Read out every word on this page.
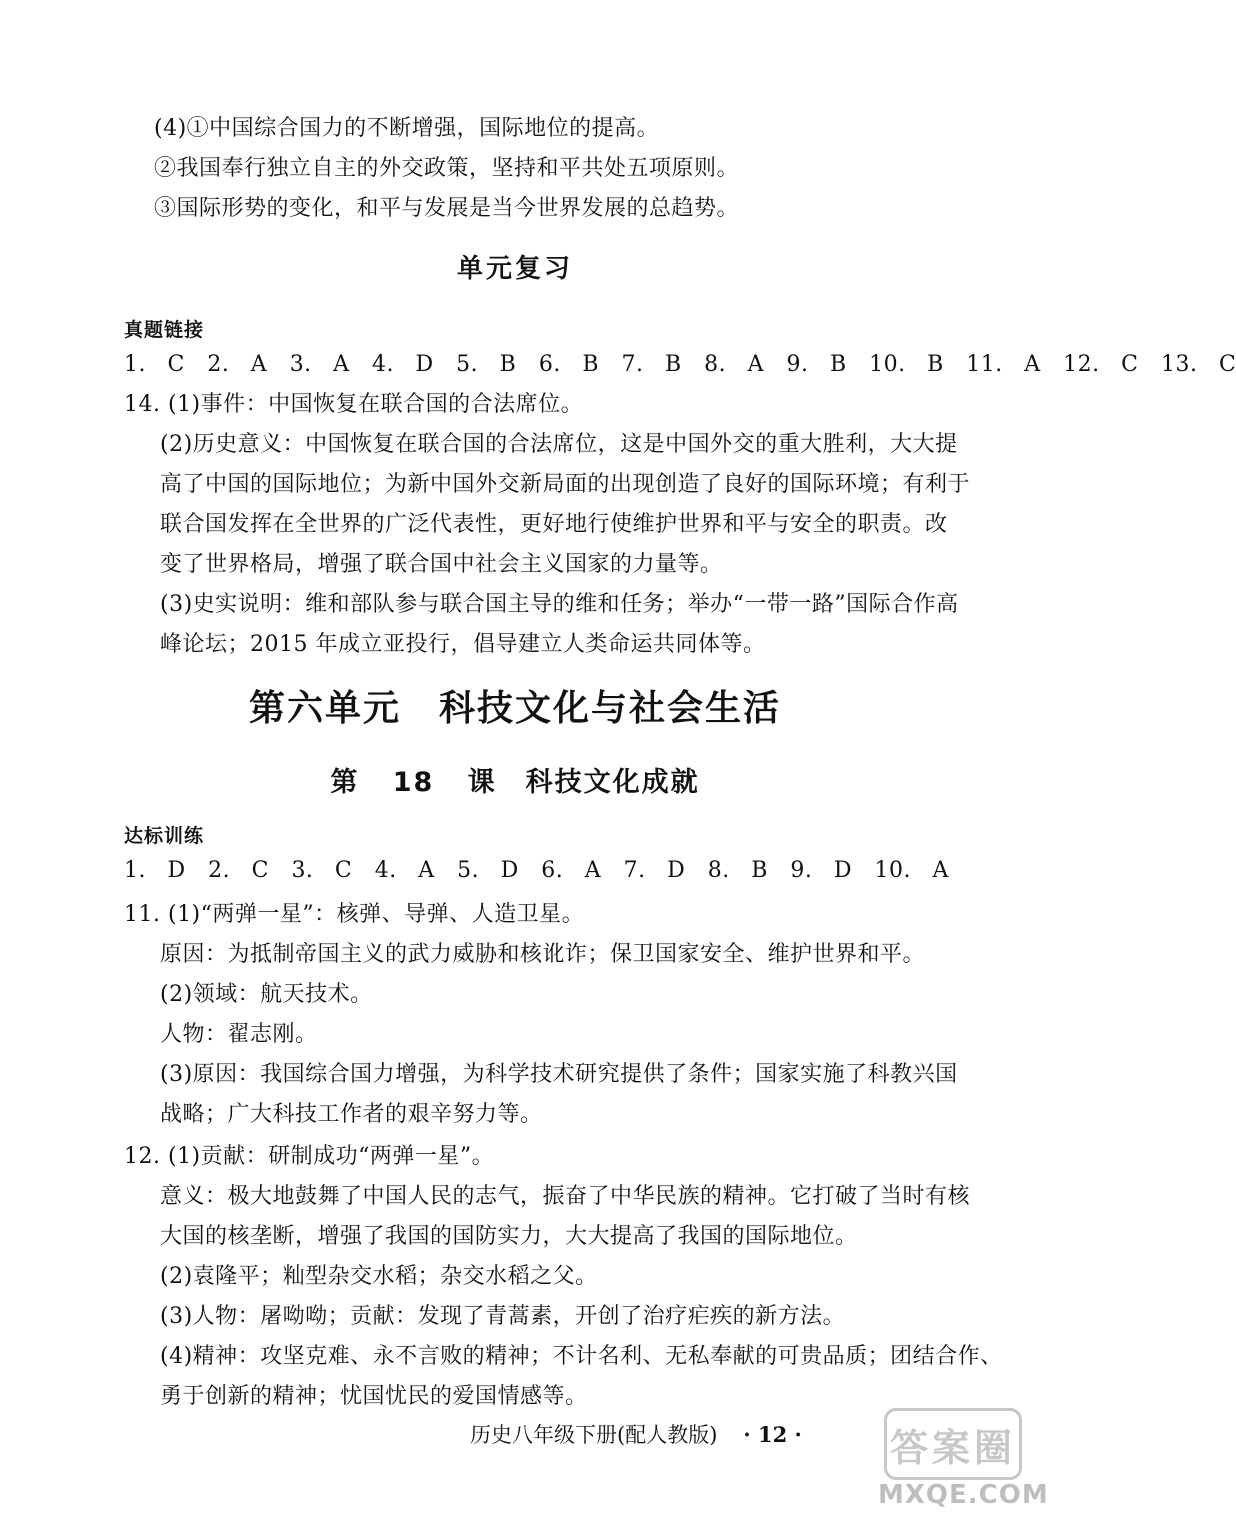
(4)①中国综合国力的不断增强，国际地位的提高。
②我国奉行独立自主的外交政策，坚持和平共处五项原则。
③国际形势的变化，和平与发展是当今世界发展的总趋势。
单元复习
真题链接
1. C　2. A　3. A　4. D　5. B　6. B　7. B　8. A　9. B　10. B　11. A　12. C　13. C
14. (1)事件：中国恢复在联合国的合法席位。
(2)历史意义：中国恢复在联合国的合法席位，这是中国外交的重大胜利，大大提
高了中国的国际地位；为新中国外交新局面的出现创造了良好的国际环境；有利于
联合国发挥在全世界的广泛代表性，更好地行使维护世界和平与安全的职责。改
变了世界格局，增强了联合国中社会主义国家的力量等。
(3)史实说明：维和部队参与联合国主导的维和任务；举办“一带一路”国际合作高
峰论坛；2015 年成立亚投行，倡导建立人类命运共同体等。
第六单元　科技文化与社会生活
第 18 课　科技文化成就
达标训练
1. D　2. C　3. C　4. A　5. D　6. A　7. D　8. B　9. D　10. A
11. (1)“两弹一星”：核弹、导弹、人造卫星。
原因：为抵制帝国主义的武力威胁和核讹诈；保卫国家安全、维护世界和平。
(2)领域：航天技术。
人物：翟志刚。
(3)原因：我国综合国力增强，为科学技术研究提供了条件；国家实施了科教兴国
战略；广大科技工作者的艰辛努力等。
12. (1)贡献：研制成功“两弹一星”。
意义：极大地鼓舞了中国人民的志气，振奋了中华民族的精神。它打破了当时有核
大国的核垄断，增强了我国的国防实力，大大提高了我国的国际地位。
(2)袁隆平；籼型杂交水稻；杂交水稻之父。
(3)人物：屠呦呦；贡献：发现了青蒿素，开创了治疗疟疾的新方法。
(4)精神：攻坚克难、永不言败的精神；不计名利、无私奉献的可贵品质；团结合作、
勇于创新的精神；忧国忧民的爱国情感等。
历史八年级下册(配人教版) · 12 · 答案圈
MXQE.COM
